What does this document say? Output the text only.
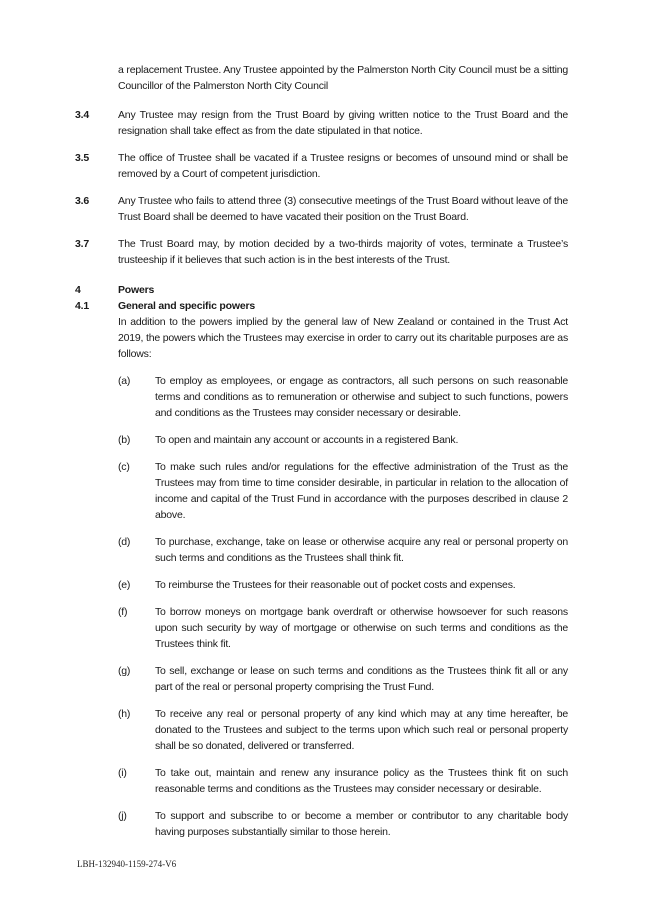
a replacement Trustee. Any Trustee appointed by the Palmerston North City Council must be a sitting Councillor of the Palmerston North City Council

3.4	Any Trustee may resign from the Trust Board by giving written notice to the Trust Board and the resignation shall take effect as from the date stipulated in that notice.
3.5	The office of Trustee shall be vacated if a Trustee resigns or becomes of unsound mind or shall be removed by a Court of competent jurisdiction.
3.6	Any Trustee who fails to attend three (3) consecutive meetings of the Trust Board without leave of the Trust Board shall be deemed to have vacated their position on the Trust Board.
3.7	The Trust Board may, by motion decided by a two-thirds majority of votes, terminate a Trustee’s trusteeship if it believes that such action is in the best interests of the Trust.
4	Powers
4.1	General and specific powers

In addition to the powers implied by the general law of New Zealand or contained in the Trust Act 2019, the powers which the Trustees may exercise in order to carry out its charitable purposes are as follows:

(a)	To employ as employees, or engage as contractors, all such persons on such reasonable terms and conditions as to remuneration or otherwise and subject to such functions, powers and conditions as the Trustees may consider necessary or desirable.
(b)	To open and maintain any account or accounts in a registered Bank.
(c)	To make such rules and/or regulations for the effective administration of the Trust as the Trustees may from time to time consider desirable, in particular in relation to the allocation of income and capital of the Trust Fund in accordance with the purposes described in clause 2 above.
(d)	To purchase, exchange, take on lease or otherwise acquire any real or personal property on such terms and conditions as the Trustees shall think fit.
(e)	To reimburse the Trustees for their reasonable out of pocket costs and expenses.
(f)	To borrow moneys on mortgage bank overdraft or otherwise howsoever for such reasons upon such security by way of mortgage or otherwise on such terms and conditions as the Trustees think fit.
(g)	To sell, exchange or lease on such terms and conditions as the Trustees think fit all or any part of the real or personal property comprising the Trust Fund.
(h)	To receive any real or personal property of any kind which may at any time hereafter, be donated to the Trustees and subject to the terms upon which such real or personal property shall be so donated, delivered or transferred.
(i)	To take out, maintain and renew any insurance policy as the Trustees think fit on such reasonable terms and conditions as the Trustees may consider necessary or desirable.
(j)	To support and subscribe to or become a member or contributor to any charitable body having purposes substantially similar to those herein.
LBH-132940-1159-274-V6
